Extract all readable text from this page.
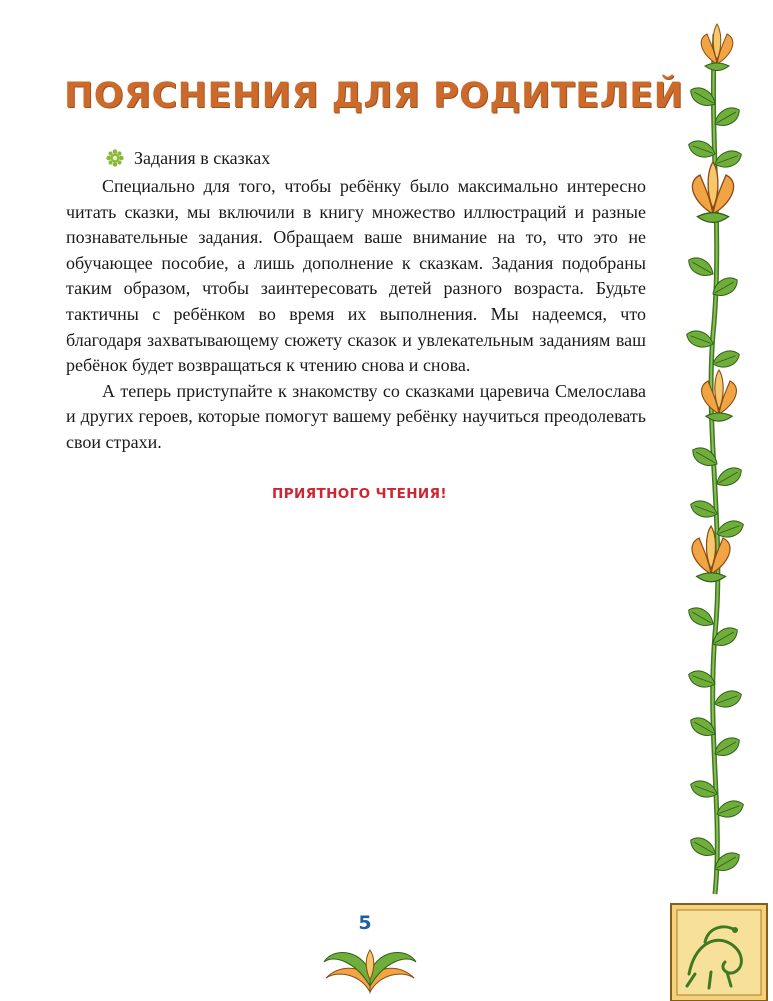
ПОЯСНЕНИЯ ДЛЯ РОДИТЕЛЕЙ
Задания в сказках

Специально для того, чтобы ребёнку было максимально интересно читать сказки, мы включили в книгу множество иллюстраций и разные познавательные задания. Обращаем ваше внимание на то, что это не обучающее пособие, а лишь дополнение к сказкам. Задания подобраны таким образом, чтобы заинтересовать детей разного возраста. Будьте тактичны с ребёнком во время их выполнения. Мы надеемся, что благодаря захватывающему сюжету сказок и увлекательным заданиям ваш ребёнок будет возвращаться к чтению снова и снова.

А теперь приступайте к знакомству со сказками царевича Смелослава и других героев, которые помогут вашему ребёнку научиться преодолевать свои страхи.

ПРИЯТНОГО ЧТЕНИЯ!
5
